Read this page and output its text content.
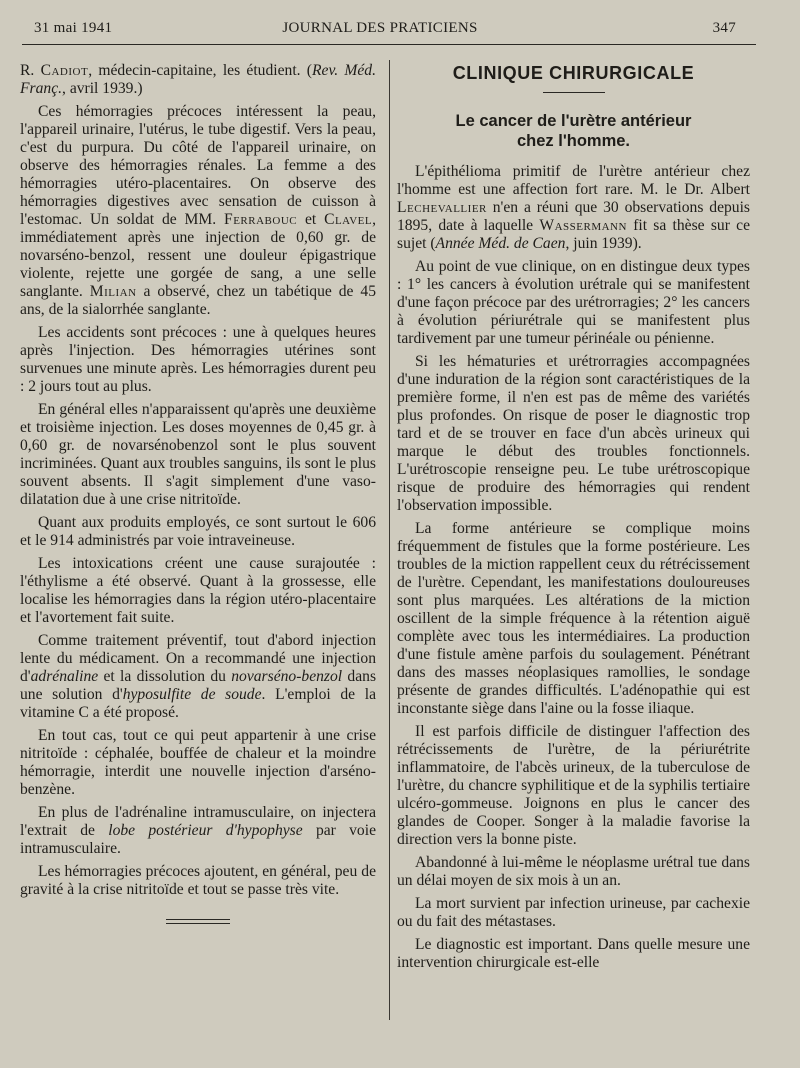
31 mai 1941	JOURNAL DES PRATICIENS	347

R. Cadiot, médecin-capitaine, les étudient. (Rev. Méd. Franç., avril 1939.)

Ces hémorragies précoces intéressent la peau, l'appareil urinaire, l'utérus, le tube digestif. Vers la peau, c'est du purpura. Du côté de l'appareil urinaire, on observe des hémorragies rénales. La femme a des hémorragies utéro-placentaires. On observe des hémorragies digestives avec sensation de cuisson à l'estomac. Un soldat de MM. Ferrabouc et Clavel, immédiatement après une injection de 0,60 gr. de novarséno-benzol, ressent une douleur épigastrique violente, rejette une gorgée de sang, a une selle sanglante. Milian a observé, chez un tabétique de 45 ans, de la sialorrhée sanglante.

Les accidents sont précoces : une à quelques heures après l'injection. Des hémorragies utérines sont survenues une minute après. Les hémorragies durent peu : 2 jours tout au plus.

En général elles n'apparaissent qu'après une deuxième et troisième injection. Les doses moyennes de 0,45 gr. à 0,60 gr. de novarsénobenzol sont le plus souvent incriminées. Quant aux troubles sanguins, ils sont le plus souvent absents. Il s'agit simplement d'une vaso-dilatation due à une crise nitritoïde.

Quant aux produits employés, ce sont surtout le 606 et le 914 administrés par voie intraveineuse.

Les intoxications créent une cause surajoutée : l'éthylisme a été observé. Quant à la grossesse, elle localise les hémorragies dans la région utéro-placentaire et l'avortement fait suite.

Comme traitement préventif, tout d'abord injection lente du médicament. On a recommandé une injection d'adrénaline et la dissolution du novarséno-benzol dans une solution d'hyposulfite de soude. L'emploi de la vitamine C a été proposé.

En tout cas, tout ce qui peut appartenir à une crise nitritoïde : céphalée, bouffée de chaleur et la moindre hémorragie, interdit une nouvelle injection d'arséno-benzène.

En plus de l'adrénaline intramusculaire, on injectera l'extrait de lobe postérieur d'hypophyse par voie intramusculaire.

Les hémorragies précoces ajoutent, en général, peu de gravité à la crise nitritoïde et tout se passe très vite.

CLINIQUE CHIRURGICALE
Le cancer de l'urètre antérieur
chez l'homme.

L'épithélioma primitif de l'urètre antérieur chez l'homme est une affection fort rare. M. le Dr. Albert Lechevallier n'en a réuni que 30 observations depuis 1895, date à laquelle Wassermann fit sa thèse sur ce sujet (Année Méd. de Caen, juin 1939).

Au point de vue clinique, on en distingue deux types : 1° les cancers à évolution urétrale qui se manifestent d'une façon précoce par des urétrorragies; 2° les cancers à évolution périurétrale qui se manifestent plus tardivement par une tumeur périnéale ou pénienne.

Si les hématuries et urétrorragies accompagnées d'une induration de la région sont caractéristiques de la première forme, il n'en est pas de même des variétés plus profondes. On risque de poser le diagnostic trop tard et de se trouver en face d'un abcès urineux qui marque le début des troubles fonctionnels. L'urétroscopie renseigne peu. Le tube urétroscopique risque de produire des hémorragies qui rendent l'observation impossible.

La forme antérieure se complique moins fréquemment de fistules que la forme postérieure. Les troubles de la miction rappellent ceux du rétrécissement de l'urètre. Cependant, les manifestations douloureuses sont plus marquées. Les altérations de la miction oscillent de la simple fréquence à la rétention aiguë complète avec tous les intermédiaires. La production d'une fistule amène parfois du soulagement. Pénétrant dans des masses néoplasiques ramollies, le sondage présente de grandes difficultés. L'adénopathie qui est inconstante siège dans l'aine ou la fosse iliaque.

Il est parfois difficile de distinguer l'affection des rétrécissements de l'urètre, de la périurétrite inflammatoire, de l'abcès urineux, de la tuberculose de l'urètre, du chancre syphilitique et de la syphilis tertiaire ulcéro-gommeuse. Joignons en plus le cancer des glandes de Cooper. Songer à la maladie favorise la direction vers la bonne piste.

Abandonné à lui-même le néoplasme urétral tue dans un délai moyen de six mois à un an.

La mort survient par infection urineuse, par cachexie ou du fait des métastases.

Le diagnostic est important. Dans quelle mesure une intervention chirurgicale est-elle
